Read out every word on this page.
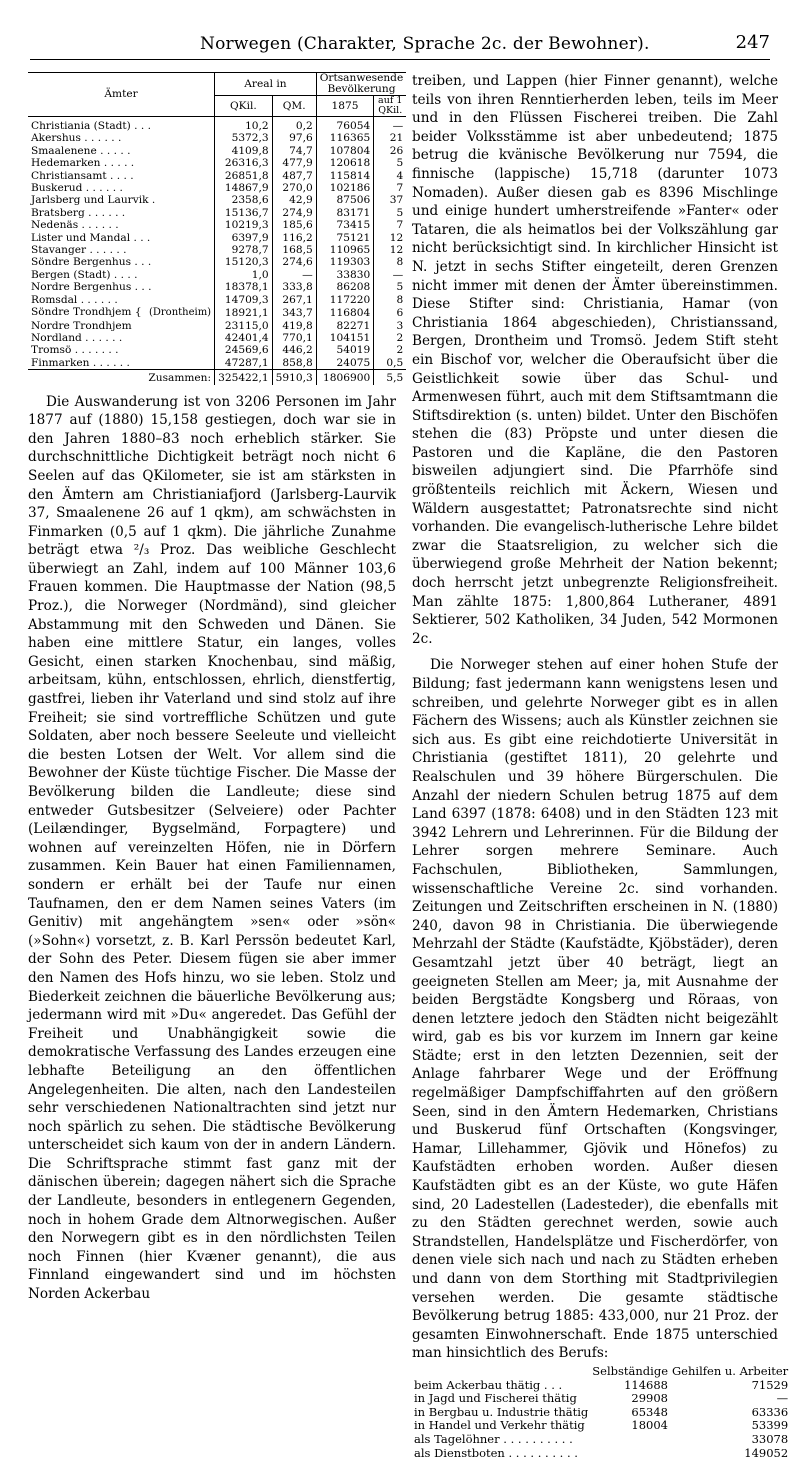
Norwegen (Charakter, Sprache 2c. der Bewohner).	247
Ämter	Areal in		Ortsanwesende Bevölkerung	
	QKil.	QM.	1875	auf 1 QKil.
Christiania (Stadt) . . .	10,2	0,2	76054	—
Akershus . . . . . .	5372,3	97,6	116365	21
Smaalenene . . . . .	4109,8	74,7	107804	26
Hedemarken . . . . .	26316,3	477,9	120618	5
Christiansamt . . . .	26851,8	487,7	115814	4
Buskerud . . . . . .	14867,9	270,0	102186	7
Jarlsberg und Laurvik .	2358,6	42,9	87506	37
Bratsberg . . . . . .	15136,7	274,9	83171	5
Nedenäs . . . . . .	10219,3	185,6	73415	7
Lister und Mandal . . .	6397,9	116,2	75121	12
Stavanger . . . . . .	9278,7	168,5	110965	12
Söndre Bergenhus . . .	15120,3	274,6	119303	8
Bergen (Stadt) . . . .	1,0	—	33830	—
Nordre Bergenhus . . .	18378,1	333,8	86208	5
Romsdal . . . . . .	14709,3	267,1	117220	8
Söndre Trondhjem { (Drontheim)	18921,1	343,7	116804	6
Nordre Trondhjem	23115,0	419,8	82271	3
Nordland . . . . . .	42401,4	770,1	104151	2
Tromsö . . . . . . .	24569,6	446,2	54019	2
Finmarken . . . . . .	47287,1	858,8	24075	0,5
Zusammen:	325422,1	5910,3	1806900	5,5

Die Auswanderung ist von 3206 Personen im Jahr 1877 auf (1880) 15,158 gestiegen, doch war sie in den Jahren 1880–83 noch erheblich stärker. Sie durchschnittliche Dichtigkeit beträgt noch nicht 6 Seelen auf das QKilometer, sie ist am stärksten in den Ämtern am Christianiafjord (Jarlsberg-Laurvik 37, Smaalenene 26 auf 1 qkm), am schwächsten in Finmarken (0,5 auf 1 qkm). Die jährliche Zunahme beträgt etwa ²/₃ Proz. Das weibliche Geschlecht überwiegt an Zahl, indem auf 100 Männer 103,6 Frauen kommen. Die Hauptmasse der Nation (98,5 Proz.), die Norweger (Nordmänd), sind gleicher Abstammung mit den Schweden und Dänen. Sie haben eine mittlere Statur, ein langes, volles Gesicht, einen starken Knochenbau, sind mäßig, arbeitsam, kühn, entschlossen, ehrlich, dienstfertig, gastfrei, lieben ihr Vaterland und sind stolz auf ihre Freiheit; sie sind vortreffliche Schützen und gute Soldaten, aber noch bessere Seeleute und vielleicht die besten Lotsen der Welt. Vor allem sind die Bewohner der Küste tüchtige Fischer. Die Masse der Bevölkerung bilden die Landleute; diese sind entweder Gutsbesitzer (Selveiere) oder Pachter (Leilændinger, Bygselmänd, Forpagtere) und wohnen auf vereinzelten Höfen, nie in Dörfern zusammen. Kein Bauer hat einen Familiennamen, sondern er erhält bei der Taufe nur einen Taufnamen, den er dem Namen seines Vaters (im Genitiv) mit angehängtem »sen« oder »sön« (»Sohn«) vorsetzt, z. B. Karl Perssön bedeutet Karl, der Sohn des Peter. Diesem fügen sie aber immer den Namen des Hofs hinzu, wo sie leben. Stolz und Biederkeit zeichnen die bäuerliche Bevölkerung aus; jedermann wird mit »Du« angeredet. Das Gefühl der Freiheit und Unabhängigkeit sowie die demokratische Verfassung des Landes erzeugen eine lebhafte Beteiligung an den öffentlichen Angelegenheiten. Die alten, nach den Landesteilen sehr verschiedenen Nationaltrachten sind jetzt nur noch spärlich zu sehen. Die städtische Bevölkerung unterscheidet sich kaum von der in andern Ländern. Die Schriftsprache stimmt fast ganz mit der dänischen überein; dagegen nähert sich die Sprache der Landleute, besonders in entlegenern Gegenden, noch in hohem Grade dem Altnorwegischen. Außer den Norwegern gibt es in den nördlichsten Teilen noch Finnen (hier Kvæner genannt), die aus Finnland eingewandert sind und im höchsten Norden Ackerbau

treiben, und Lappen (hier Finner genannt), welche teils von ihren Renntierherden leben, teils im Meer und in den Flüssen Fischerei treiben. Die Zahl beider Volksstämme ist aber unbedeutend; 1875 betrug die kvänische Bevölkerung nur 7594, die finnische (lappische) 15,718 (darunter 1073 Nomaden). Außer diesen gab es 8396 Mischlinge und einige hundert umherstreifende »Fanter« oder Tataren, die als heimatlos bei der Volkszählung gar nicht berücksichtigt sind. In kirchlicher Hinsicht ist N. jetzt in sechs Stifter eingeteilt, deren Grenzen nicht immer mit denen der Ämter übereinstimmen. Diese Stifter sind: Christiania, Hamar (von Christiania 1864 abgeschieden), Christianssand, Bergen, Drontheim und Tromsö. Jedem Stift steht ein Bischof vor, welcher die Oberaufsicht über die Geistlichkeit sowie über das Schul- und Armenwesen führt, auch mit dem Stiftsamtmann die Stiftsdirektion (s. unten) bildet. Unter den Bischöfen stehen die (83) Pröpste und unter diesen die Pastoren und die Kapläne, die den Pastoren bisweilen adjungiert sind. Die Pfarrhöfe sind größtenteils reichlich mit Äckern, Wiesen und Wäldern ausgestattet; Patronatsrechte sind nicht vorhanden. Die evangelisch-lutherische Lehre bildet zwar die Staatsreligion, zu welcher sich die überwiegend große Mehrheit der Nation bekennt; doch herrscht jetzt unbegrenzte Religionsfreiheit. Man zählte 1875: 1,800,864 Lutheraner, 4891 Sektierer, 502 Katholiken, 34 Juden, 542 Mormonen 2c.

Die Norweger stehen auf einer hohen Stufe der Bildung; fast jedermann kann wenigstens lesen und schreiben, und gelehrte Norweger gibt es in allen Fächern des Wissens; auch als Künstler zeichnen sie sich aus. Es gibt eine reichdotierte Universität in Christiania (gestiftet 1811), 20 gelehrte und Realschulen und 39 höhere Bürgerschulen. Die Anzahl der niedern Schulen betrug 1875 auf dem Land 6397 (1878: 6408) und in den Städten 123 mit 3942 Lehrern und Lehrerinnen. Für die Bildung der Lehrer sorgen mehrere Seminare. Auch Fachschulen, Bibliotheken, Sammlungen, wissenschaftliche Vereine 2c. sind vorhanden. Zeitungen und Zeitschriften erscheinen in N. (1880) 240, davon 98 in Christiania. Die überwiegende Mehrzahl der Städte (Kaufstädte, Kjöbstäder), deren Gesamtzahl jetzt über 40 beträgt, liegt an geeigneten Stellen am Meer; ja, mit Ausnahme der beiden Bergstädte Kongsberg und Röraas, von denen letztere jedoch den Städten nicht beigezählt wird, gab es bis vor kurzem im Innern gar keine Städte; erst in den letzten Dezennien, seit der Anlage fahrbarer Wege und der Eröffnung regelmäßiger Dampfschiffahrten auf den größern Seen, sind in den Ämtern Hedemarken, Christians und Buskerud fünf Ortschaften (Kongsvinger, Hamar, Lillehammer, Gjövik und Hönefos) zu Kaufstädten erhoben worden. Außer diesen Kaufstädten gibt es an der Küste, wo gute Häfen sind, 20 Ladestellen (Ladesteder), die ebenfalls mit zu den Städten gerechnet werden, sowie auch Strandstellen, Handelsplätze und Fischerdörfer, von denen viele sich nach und nach zu Städten erheben und dann von dem Storthing mit Stadtprivilegien versehen werden. Die gesamte städtische Bevölkerung betrug 1885: 433,000, nur 21 Proz. der gesamten Einwohnerschaft. Ende 1875 unterschied man hinsichtlich des Berufs:

	Selbständige	Gehilfen u. Arbeiter
beim Ackerbau thätig . . .	114688	71529
in Jagd und Fischerei thätig	29908	—
in Bergbau u. Industrie thätig	65348	63336
in Handel und Verkehr thätig	18004	53399
als Tagelöhner . . . . . . . . . .		33078
als Dienstboten . . . . . . . . . .		149052
